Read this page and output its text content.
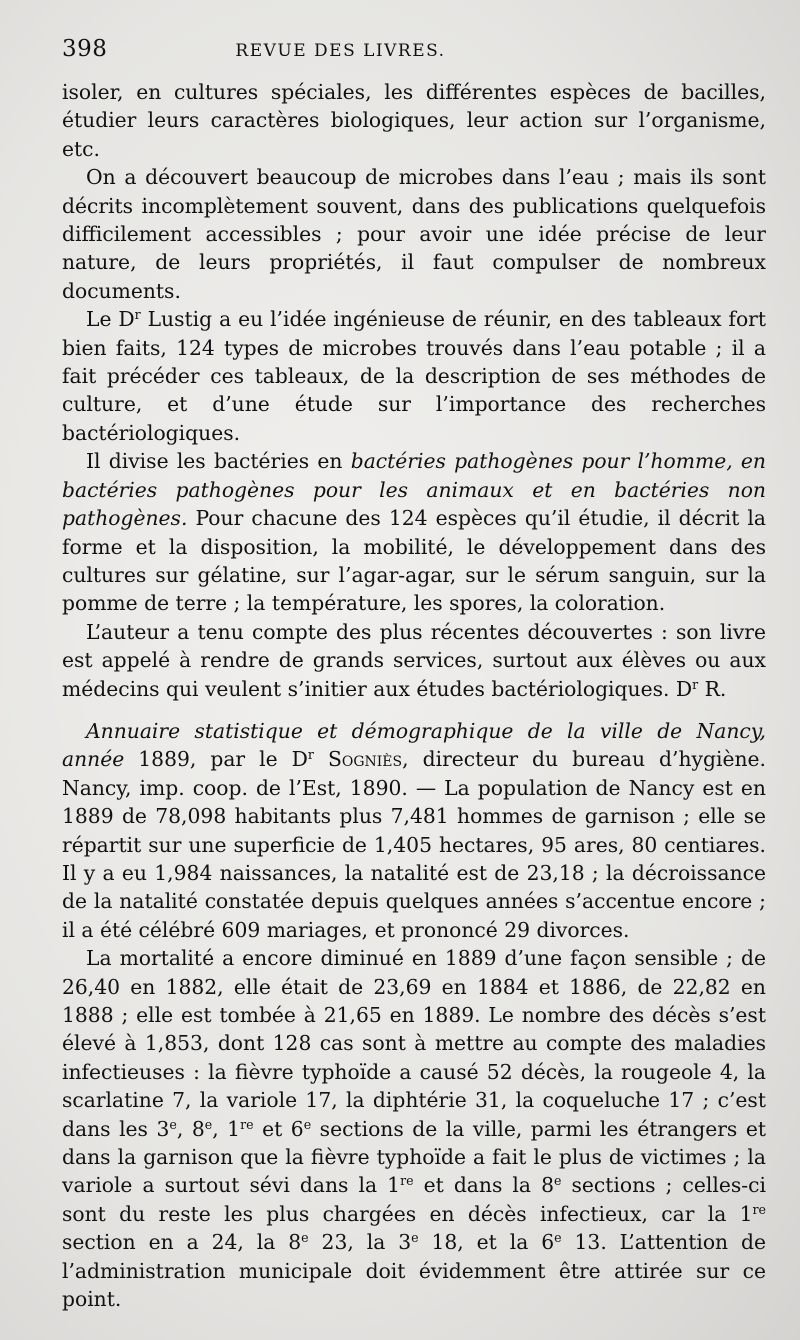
398	REVUE DES LIVRES.

isoler, en cultures spéciales, les différentes espèces de bacilles, étudier leurs caractères biologiques, leur action sur l’organisme, etc.

On a découvert beaucoup de microbes dans l’eau ; mais ils sont décrits incomplètement souvent, dans des publications quelquefois difficilement accessibles ; pour avoir une idée précise de leur nature, de leurs propriétés, il faut compulser de nombreux documents.

Le $D^r$ Lustig a eu l’idée ingénieuse de réunir, en des tableaux fort bien faits, 124 types de microbes trouvés dans l’eau potable ; il a fait précéder ces tableaux, de la description de ses méthodes de culture, et d’une étude sur l’importance des recherches bactériologiques.

Il divise les bactéries en bactéries pathogènes pour l’homme, en bactéries pathogènes pour les animaux et en bactéries non pathogènes. Pour chacune des 124 espèces qu’il étudie, il décrit la forme et la disposition, la mobilité, le développement dans des cultures sur gélatine, sur l’agar-agar, sur le sérum sanguin, sur la pomme de terre ; la température, les spores, la coloration.

L’auteur a tenu compte des plus récentes découvertes : son livre est appelé à rendre de grands services, surtout aux élèves ou aux médecins qui veulent s’initier aux études bactériologiques. $D^r$ R.

Annuaire statistique et démographique de la ville de Nancy, année 1889, par le $D^r$ Sogniès, directeur du bureau d’hygiène. Nancy, imp. coop. de l’Est, 1890. — La population de Nancy est en 1889 de 78,098 habitants plus 7,481 hommes de garnison ; elle se répartit sur une superficie de 1,405 hectares, 95 ares, 80 centiares. Il y a eu 1,984 naissances, la natalité est de 23,18 ; la décroissance de la natalité constatée depuis quelques années s’accentue encore ; il a été célébré 609 mariages, et prononcé 29 divorces.

La mortalité a encore diminué en 1889 d’une façon sensible ; de 26,40 en 1882, elle était de 23,69 en 1884 et 1886, de 22,82 en 1888 ; elle est tombée à 21,65 en 1889. Le nombre des décès s’est élevé à 1,853, dont 128 cas sont à mettre au compte des maladies infectieuses : la fièvre typhoïde a causé 52 décès, la rougeole 4, la scarlatine 7, la variole 17, la diphtérie 31, la coqueluche 17 ; c’est dans les 3e, 8e, 1re et 6e sections de la ville, parmi les étrangers et dans la garnison que la fièvre typhoïde a fait le plus de victimes ; la variole a surtout sévi dans la 1re et dans la 8e sections ; celles-ci sont du reste les plus chargées en décès infectieux, car la 1re section en a 24, la 8e 23, la 3e 18, et la 6e 13. L’attention de l’administration municipale doit évidemment être attirée sur ce point.
